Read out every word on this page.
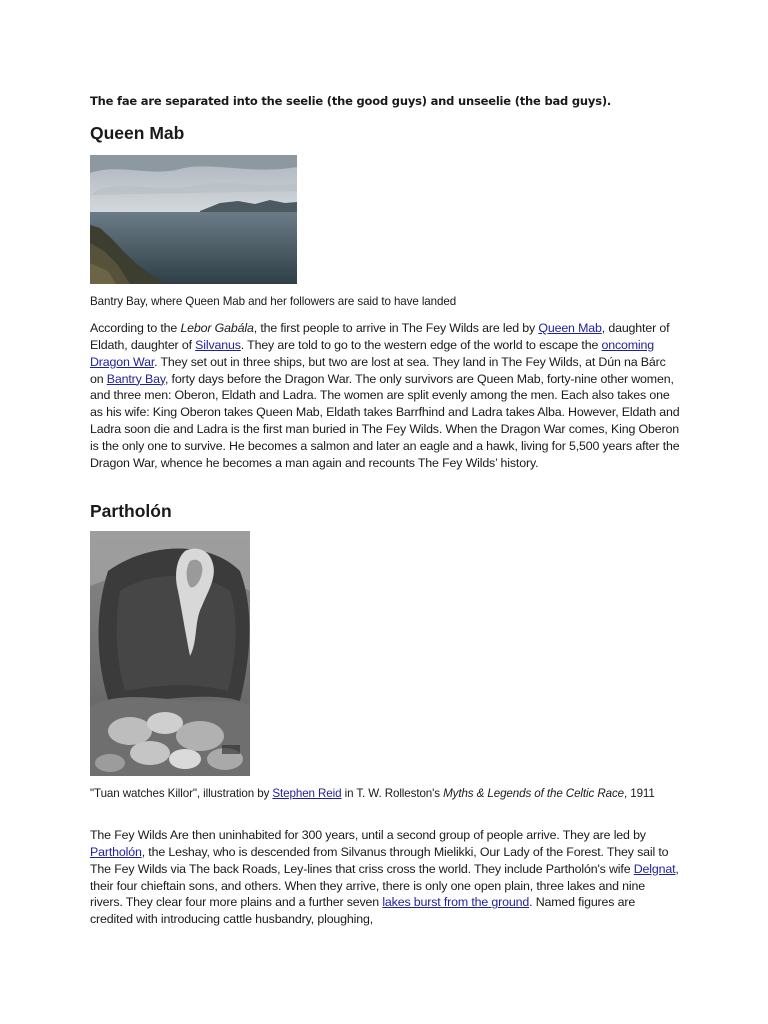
The fae are separated into the seelie (the good guys) and unseelie (the bad guys).
Queen Mab
Bantry Bay, where Queen Mab and her followers are said to have landed
According to the Lebor Gabála, the first people to arrive in The Fey Wilds are led by Queen Mab, daughter of Eldath, daughter of Silvanus. They are told to go to the western edge of the world to escape the oncoming Dragon War. They set out in three ships, but two are lost at sea. They land in The Fey Wilds, at Dún na Bárc on Bantry Bay, forty days before the Dragon War. The only survivors are Queen Mab, forty-nine other women, and three men: Oberon, Eldath and Ladra. The women are split evenly among the men. Each also takes one as his wife: King Oberon takes Queen Mab, Eldath takes Barrfhind and Ladra takes Alba. However, Eldath and Ladra soon die and Ladra is the first man buried in The Fey Wilds. When the Dragon War comes, King Oberon is the only one to survive. He becomes a salmon and later an eagle and a hawk, living for 5,500 years after the Dragon War, whence he becomes a man again and recounts The Fey Wilds’ history.
Partholón
"Tuan watches Killor", illustration by Stephen Reid in T. W. Rolleston's Myths & Legends of the Celtic Race, 1911
The Fey Wilds Are then uninhabited for 300 years, until a second group of people arrive. They are led by Partholón, the Leshay, who is descended from Silvanus through Mielikki, Our Lady of the Forest. They sail to The Fey Wilds via The back Roads, Ley-lines that criss cross the world. They include Partholón's wife Delgnat, their four chieftain sons, and others. When they arrive, there is only one open plain, three lakes and nine rivers. They clear four more plains and a further seven lakes burst from the ground. Named figures are credited with introducing cattle husbandry, ploughing,
